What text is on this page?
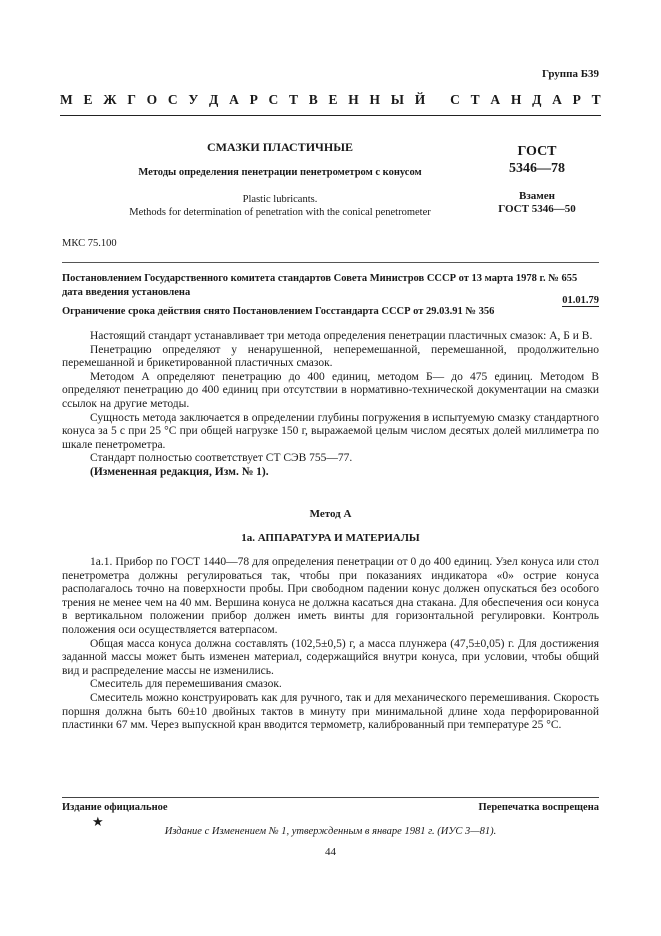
Группа Б39
М Е Ж Г О С У Д А Р С Т В Е Н Н Ы Й
С Т А Н Д А Р Т
СМАЗКИ ПЛАСТИЧНЫЕ
Методы определения пенетрации пенетрометром с конусом
Plastic lubricants.
Methods for determination of penetration with the conical penetrometer
ГОСТ
5346—78
Взамен
ГОСТ 5346—50
МКС 75.100
Постановлением Государственного комитета стандартов Совета Министров СССР от 13 марта 1978 г. № 655
дата введения установлена
01.01.79
Ограничение срока действия снято Постановлением Госстандарта СССР от 29.03.91 № 356

Настоящий стандарт устанавливает три метода определения пенетрации пластичных смазок: А, Б и В.

Пенетрацию определяют у ненарушенной, неперемешанной, перемешанной, продолжительно перемешанной и брикетированной пластичных смазок.

Методом А определяют пенетрацию до 400 единиц, методом Б— до 475 единиц. Методом В определяют пенетрацию до 400 единиц при отсутствии в нормативно-технической документации на смазки ссылок на другие методы.

Сущность метода заключается в определении глубины погружения в испытуемую смазку стандартного конуса за 5 с при 25 °С при общей нагрузке 150 г, выражаемой целым числом десятых долей миллиметра по шкале пенетрометра.

Стандарт полностью соответствует СТ СЭВ 755—77.

(Измененная редакция, Изм. № 1).

Метод А
1а. АППАРАТУРА И МАТЕРИАЛЫ

1а.1. Прибор по ГОСТ 1440—78 для определения пенетрации от 0 до 400 единиц. Узел конуса или стол пенетрометра должны регулироваться так, чтобы при показаниях индикатора «0» острие конуса располагалось точно на поверхности пробы. При свободном падении конус должен опускаться без особого трения не менее чем на 40 мм. Вершина конуса не должна касаться дна стакана. Для обеспечения оси конуса в вертикальном положении прибор должен иметь винты для горизонтальной регулировки. Контроль положения оси осуществляется ватерпасом.

Общая масса конуса должна составлять (102,5±0,5) г, а масса плунжера (47,5±0,05) г. Для достижения заданной массы может быть изменен материал, содержащийся внутри конуса, при условии, чтобы общий вид и распределение массы не изменились.

Смеситель для перемешивания смазок.

Смеситель можно конструировать как для ручного, так и для механического перемешивания. Скорость поршня должна быть 60±10 двойных тактов в минуту при минимальной длине хода перфорированной пластинки 67 мм. Через выпускной кран вводится термометр, калиброванный при температуре 25 °С.

Издание официальное	Перепечатка воспрещена
★
Издание с Изменением № 1, утвержденным в январе 1981 г. (ИУС 3—81).
44
